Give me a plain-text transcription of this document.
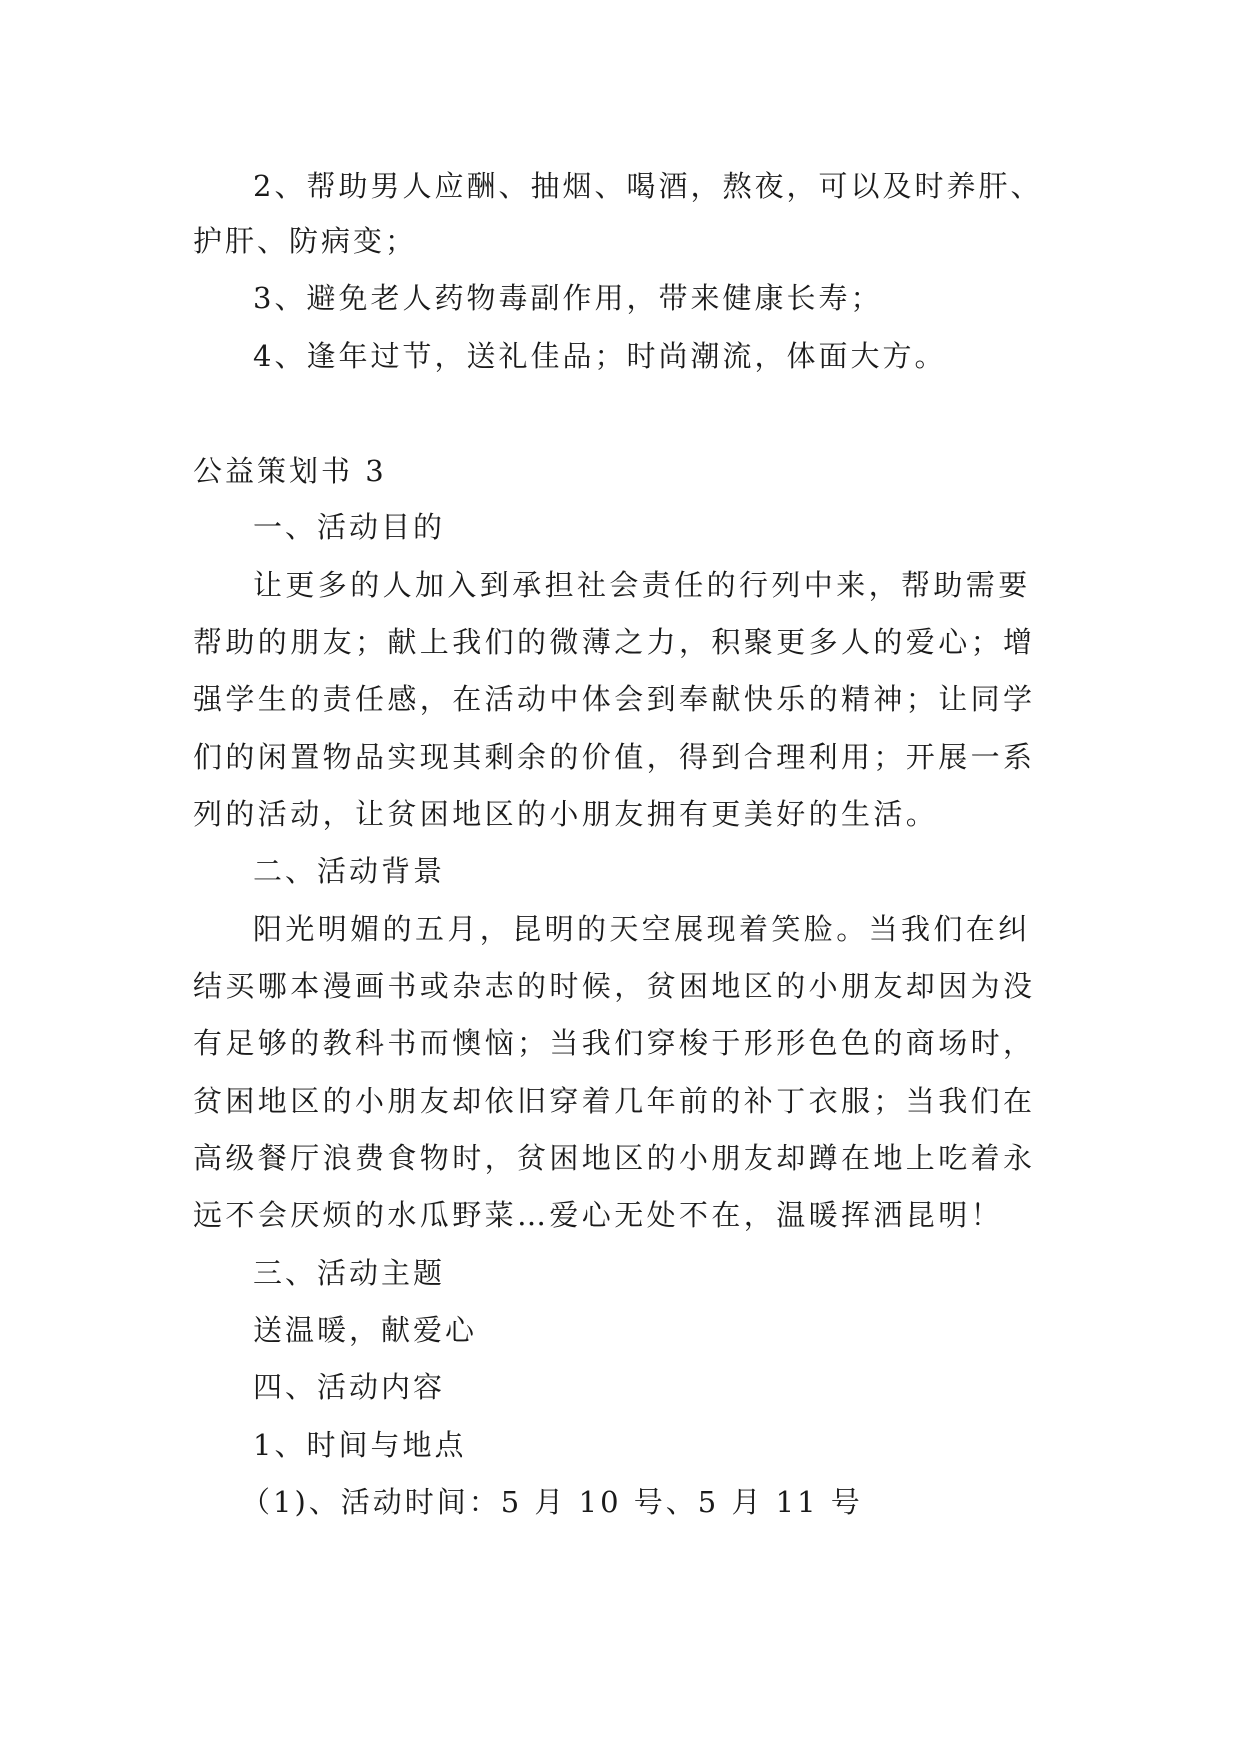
2、帮助男人应酬、抽烟、喝酒，熬夜，可以及时养肝、

护肝、防病变；

3、避免老人药物毒副作用，带来健康长寿；

4、逢年过节，送礼佳品；时尚潮流，体面大方。

公益策划书 3

一、活动目的

让更多的人加入到承担社会责任的行列中来，帮助需要

帮助的朋友；献上我们的微薄之力，积聚更多人的爱心；增

强学生的责任感，在活动中体会到奉献快乐的精神；让同学

们的闲置物品实现其剩余的价值，得到合理利用；开展一系

列的活动，让贫困地区的小朋友拥有更美好的生活。

二、活动背景

阳光明媚的五月，昆明的天空展现着笑脸。当我们在纠

结买哪本漫画书或杂志的时候，贫困地区的小朋友却因为没

有足够的教科书而懊恼；当我们穿梭于形形色色的商场时，

贫困地区的小朋友却依旧穿着几年前的补丁衣服；当我们在

高级餐厅浪费食物时，贫困地区的小朋友却蹲在地上吃着永

远不会厌烦的水瓜野菜…爱心无处不在，温暖挥洒昆明！

三、活动主题

送温暖，献爱心

四、活动内容

1、时间与地点

（1)、活动时间：5 月 10 号、5 月 11 号
